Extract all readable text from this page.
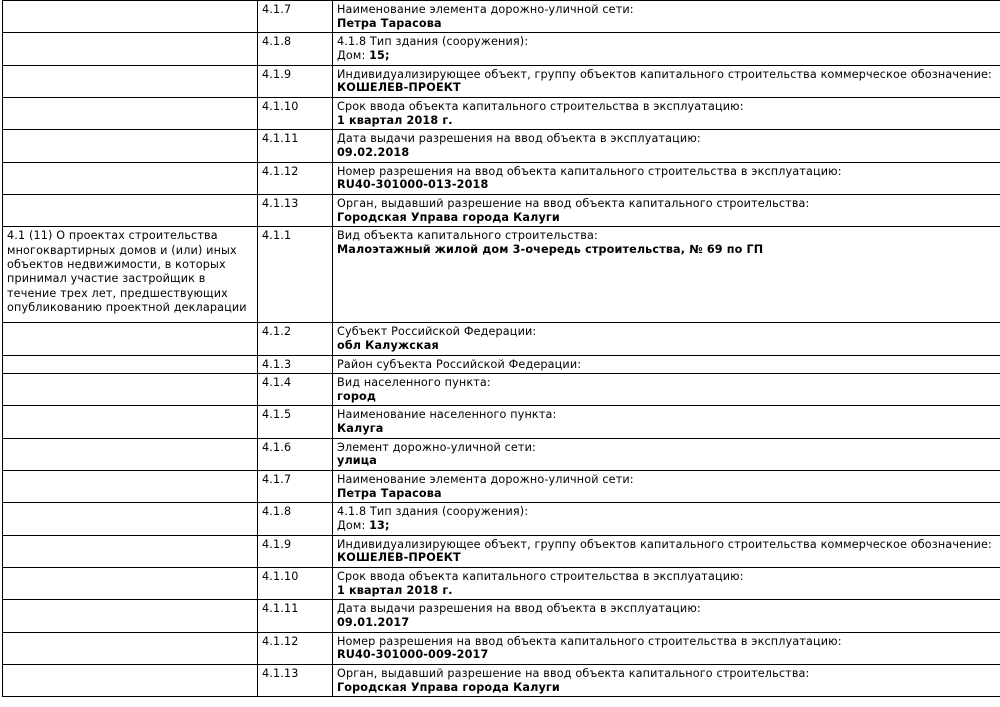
	4.1.7	Наименование элемента дорожно-уличной сети:
Петра Тарасова

	4.1.8	4.1.8 Тип здания (сооружения):
Дом: 15;

	4.1.9	Индивидуализирующее объект, группу объектов капитального строительства коммерческое обозначение:
КОШЕЛЕВ-ПРОЕКТ

	4.1.10	Срок ввода объекта капитального строительства в эксплуатацию:
1 квартал 2018 г.

	4.1.11	Дата выдачи разрешения на ввод объекта в эксплуатацию:
09.02.2018

	4.1.12	Номер разрешения на ввод объекта капитального строительства в эксплуатацию:
RU40-301000-013-2018

	4.1.13	Орган, выдавший разрешение на ввод объекта капитального строительства:
Городская Управа города Калуги

4.1 (11) О проектах строительства многоквартирных домов и (или) иных объектов недвижимости, в которых принимал участие застройщик в течение трех лет, предшествующих опубликованию проектной декларации	4.1.1	Вид объекта капитального строительства:
Малоэтажный жилой дом 3-очередь строительства, № 69 по ГП

	4.1.2	Субъект Российской Федерации:
обл Калужская

	4.1.3	Район субъекта Российской Федерации:

	4.1.4	Вид населенного пункта:
город

	4.1.5	Наименование населенного пункта:
Калуга

	4.1.6	Элемент дорожно-уличной сети:
улица

	4.1.7	Наименование элемента дорожно-уличной сети:
Петра Тарасова

	4.1.8	4.1.8 Тип здания (сооружения):
Дом: 13;

	4.1.9	Индивидуализирующее объект, группу объектов капитального строительства коммерческое обозначение:
КОШЕЛЕВ-ПРОЕКТ

	4.1.10	Срок ввода объекта капитального строительства в эксплуатацию:
1 квартал 2018 г.

	4.1.11	Дата выдачи разрешения на ввод объекта в эксплуатацию:
09.01.2017

	4.1.12	Номер разрешения на ввод объекта капитального строительства в эксплуатацию:
RU40-301000-009-2017

	4.1.13	Орган, выдавший разрешение на ввод объекта капитального строительства:
Городская Управа города Калуги
